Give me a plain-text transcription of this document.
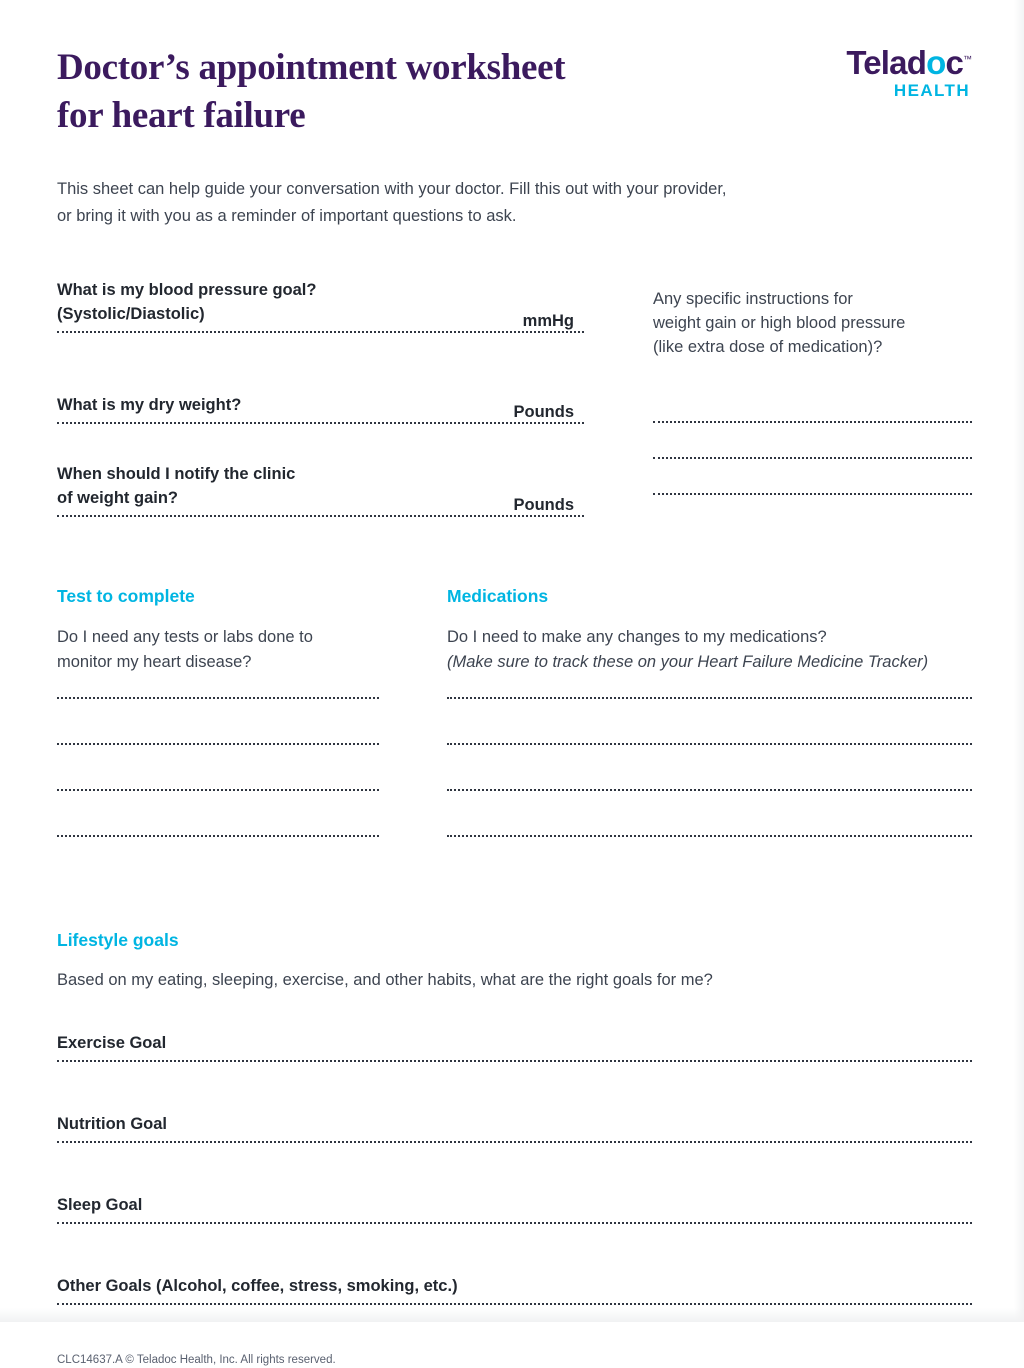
Doctor’s appointment worksheet
for heart failure
Teladoc™
HEALTH

This sheet can help guide your conversation with your doctor. Fill this out with your provider, or bring it with you as a reminder of important questions to ask.

What is my blood pressure goal?
(Systolic/Diastolic)	mmHg
What is my dry weight?	Pounds
When should I notify the clinic
of weight gain?	Pounds
Any specific instructions for
weight gain or high blood pressure
(like extra dose of medication)?
Test to complete

Do I need any tests or labs done to
monitor my heart disease?

Medications

Do I need to make any changes to my medications?
(Make sure to track these on your Heart Failure Medicine Tracker)

Lifestyle goals

Based on my eating, sleeping, exercise, and other habits, what are the right goals for me?

Exercise Goal
Nutrition Goal
Sleep Goal
Other Goals (Alcohol, coffee, stress, smoking, etc.)
CLC14637.A © Teladoc Health, Inc. All rights reserved.
